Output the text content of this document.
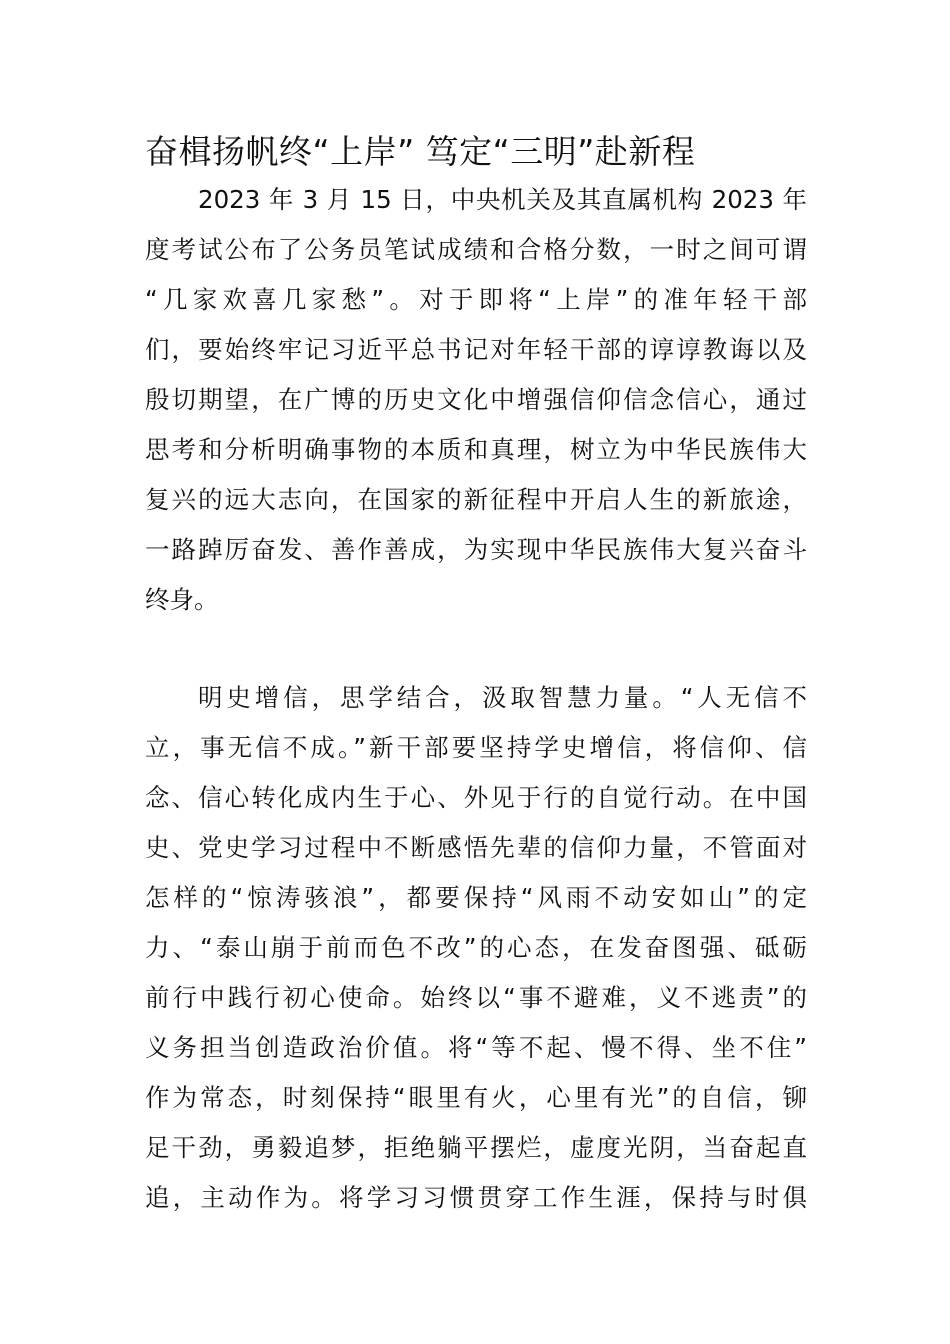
奋楫扬帆终“上岸” 笃定“三明”赴新程

2023 年 3 月 15 日，中央机关及其直属机构 2023 年

度考试公布了公务员笔试成绩和合格分数，一时之间可谓

“几家欢喜几家愁”。对于即将“上岸”的准年轻干部

们，要始终牢记习近平总书记对年轻干部的谆谆教诲以及

殷切期望，在广博的历史文化中增强信仰信念信心，通过

思考和分析明确事物的本质和真理，树立为中华民族伟大

复兴的远大志向，在国家的新征程中开启人生的新旅途，

一路踔厉奋发、善作善成，为实现中华民族伟大复兴奋斗

终身。

明史增信，思学结合，汲取智慧力量。“人无信不

立，事无信不成。”新干部要坚持学史增信，将信仰、信

念、信心转化成内生于心、外见于行的自觉行动。在中国

史、党史学习过程中不断感悟先辈的信仰力量，不管面对

怎样的“惊涛骇浪”，都要保持“风雨不动安如山”的定

力、“泰山崩于前而色不改”的心态，在发奋图强、砥砺

前行中践行初心使命。始终以“事不避难，义不逃责”的

义务担当创造政治价值。将“等不起、慢不得、坐不住”

作为常态，时刻保持“眼里有火，心里有光”的自信，铆

足干劲，勇毅追梦，拒绝躺平摆烂，虚度光阴，当奋起直

追，主动作为。将学习习惯贯穿工作生涯，保持与时俱
